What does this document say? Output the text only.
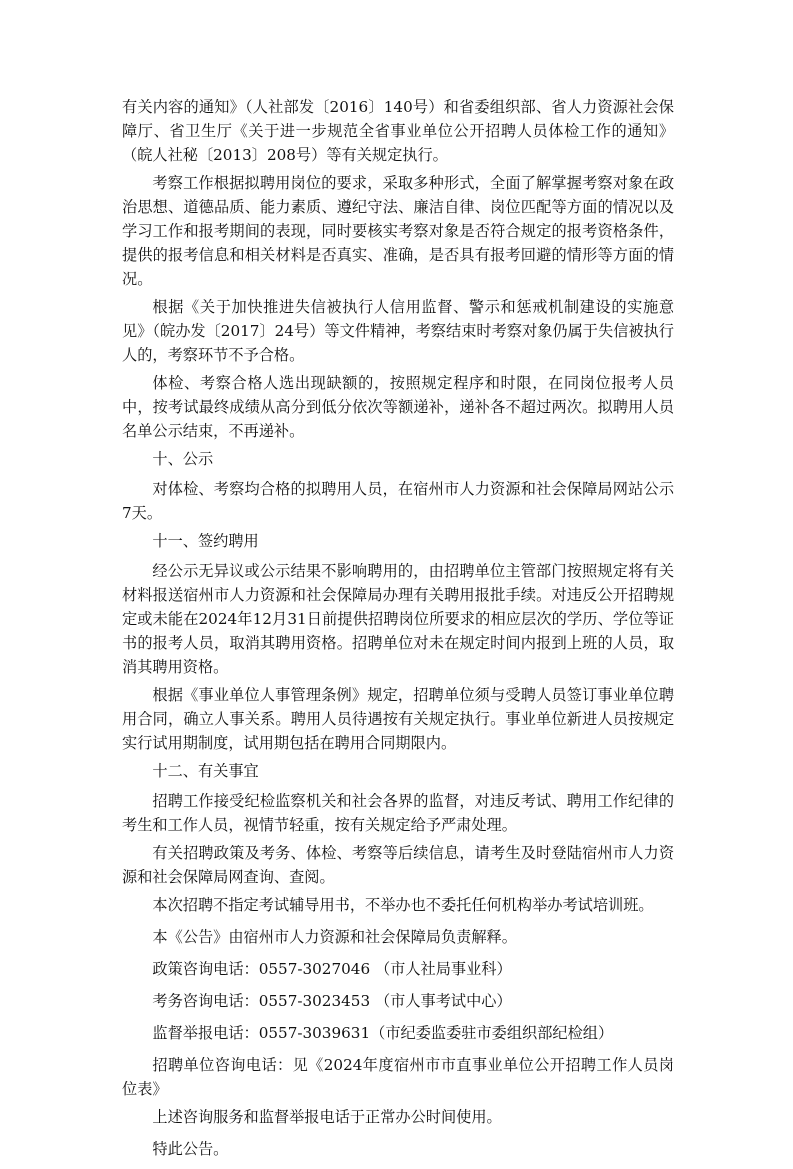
有关内容的通知》（人社部发〔2016〕140号）和省委组织部、省人力资源社会保障厅、省卫生厅《关于进一步规范全省事业单位公开招聘人员体检工作的通知》（皖人社秘〔2013〕208号）等有关规定执行。

考察工作根据拟聘用岗位的要求，采取多种形式，全面了解掌握考察对象在政治思想、道德品质、能力素质、遵纪守法、廉洁自律、岗位匹配等方面的情况以及学习工作和报考期间的表现，同时要核实考察对象是否符合规定的报考资格条件，提供的报考信息和相关材料是否真实、准确，是否具有报考回避的情形等方面的情况。

根据《关于加快推进失信被执行人信用监督、警示和惩戒机制建设的实施意见》（皖办发〔2017〕24号）等文件精神，考察结束时考察对象仍属于失信被执行人的，考察环节不予合格。

体检、考察合格人选出现缺额的，按照规定程序和时限，在同岗位报考人员中，按考试最终成绩从高分到低分依次等额递补，递补各不超过两次。拟聘用人员名单公示结束，不再递补。

十、公示

对体检、考察均合格的拟聘用人员，在宿州市人力资源和社会保障局网站公示7天。

十一、签约聘用

经公示无异议或公示结果不影响聘用的，由招聘单位主管部门按照规定将有关材料报送宿州市人力资源和社会保障局办理有关聘用报批手续。对违反公开招聘规定或未能在2024年12月31日前提供招聘岗位所要求的相应层次的学历、学位等证书的报考人员，取消其聘用资格。招聘单位对未在规定时间内报到上班的人员，取消其聘用资格。

根据《事业单位人事管理条例》规定，招聘单位须与受聘人员签订事业单位聘用合同，确立人事关系。聘用人员待遇按有关规定执行。事业单位新进人员按规定实行试用期制度，试用期包括在聘用合同期限内。

十二、有关事宜

招聘工作接受纪检监察机关和社会各界的监督，对违反考试、聘用工作纪律的考生和工作人员，视情节轻重，按有关规定给予严肃处理。

有关招聘政策及考务、体检、考察等后续信息，请考生及时登陆宿州市人力资源和社会保障局网查询、查阅。

本次招聘不指定考试辅导用书，不举办也不委托任何机构举办考试培训班。

本《公告》由宿州市人力资源和社会保障局负责解释。

政策咨询电话：0557-3027046 （市人社局事业科）

考务咨询电话：0557-3023453 （市人事考试中心）

监督举报电话：0557-3039631（市纪委监委驻市委组织部纪检组）

招聘单位咨询电话：见《2024年度宿州市市直事业单位公开招聘工作人员岗位表》

上述咨询服务和监督举报电话于正常办公时间使用。

特此公告。
